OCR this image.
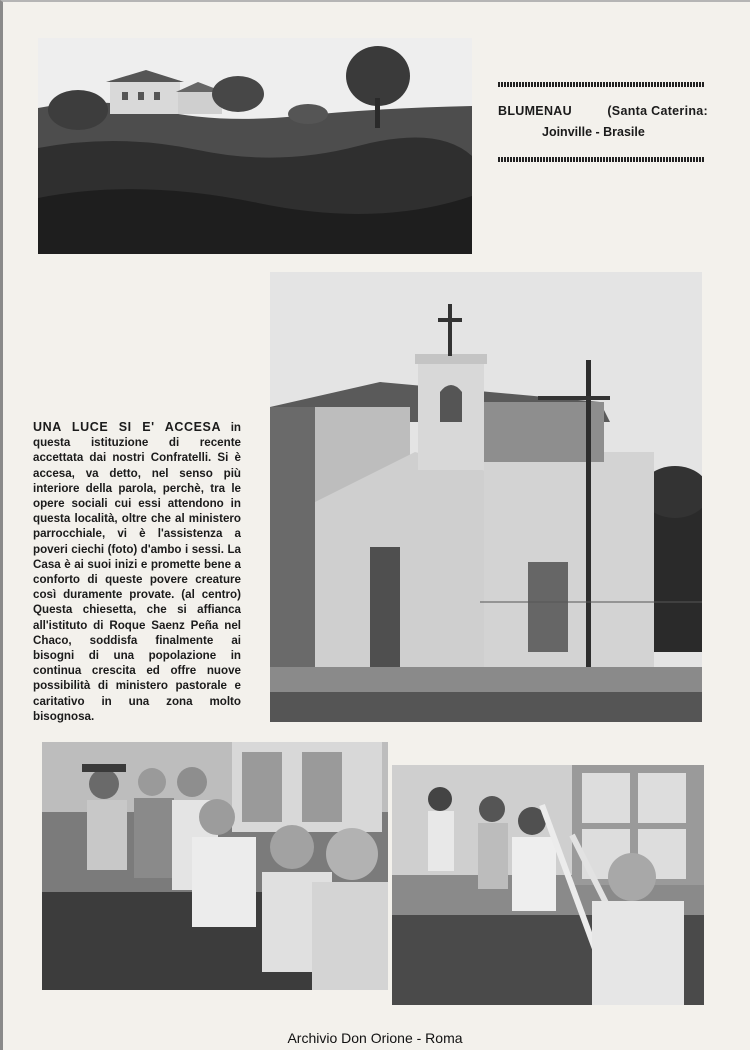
BLUMENAU	(Santa Caterina:
Joinville - Brasile
UNA LUCE SI E' ACCESA in questa istituzione di recente accettata dai nostri Confratelli. Si è accesa, va detto, nel senso più interiore della parola, perchè, tra le opere sociali cui essi attendono in questa località, oltre che al ministero parrocchiale, vi è l'assistenza a poveri ciechi (foto) d'ambo i sessi. La Casa è ai suoi inizi e promette bene a conforto di queste povere creature così duramente provate. (al centro) Questa chiesetta, che si affianca all'istituto di Roque Saenz Peña nel Chaco, soddisfa finalmente ai bisogni di una popolazione in continua crescita ed offre nuove possibilità di ministero pastorale e caritativo in una zona molto bisognosa.
Archivio Don Orione - Roma
